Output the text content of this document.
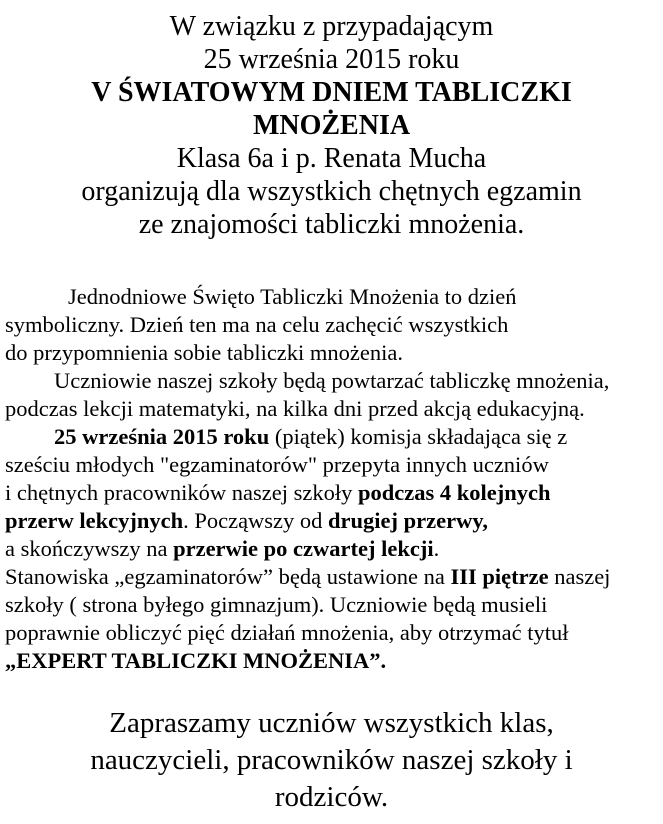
W związku z przypadającym
25 września 2015 roku
V ŚWIATOWYM DNIEM TABLICZKI
MNOŻENIA
Klasa 6a i p. Renata Mucha
organizują dla wszystkich chętnych egzamin
ze znajomości tabliczki mnożenia.
Jednodniowe Święto Tabliczki Mnożenia to dzień
symboliczny. Dzień ten ma na celu zachęcić wszystkich
do przypomnienia sobie tabliczki mnożenia.
Uczniowie naszej szkoły będą powtarzać tabliczkę mnożenia,
podczas lekcji matematyki, na kilka dni przed akcją edukacyjną.
25 września 2015 roku (piątek) komisja składająca się z
sześciu młodych "egzaminatorów" przepyta innych uczniów
i chętnych pracowników naszej szkoły podczas 4 kolejnych
przerw lekcyjnych. Począwszy od drugiej przerwy,
a skończywszy na przerwie po czwartej lekcji.
Stanowiska „egzaminatorów” będą ustawione na III piętrze naszej
szkoły ( strona byłego gimnazjum). Uczniowie będą musieli
poprawnie obliczyć pięć działań mnożenia, aby otrzymać tytuł
„EXPERT TABLICZKI MNOŻENIA”.
Zapraszamy uczniów wszystkich klas,
nauczycieli, pracowników naszej szkoły i
rodziców.
